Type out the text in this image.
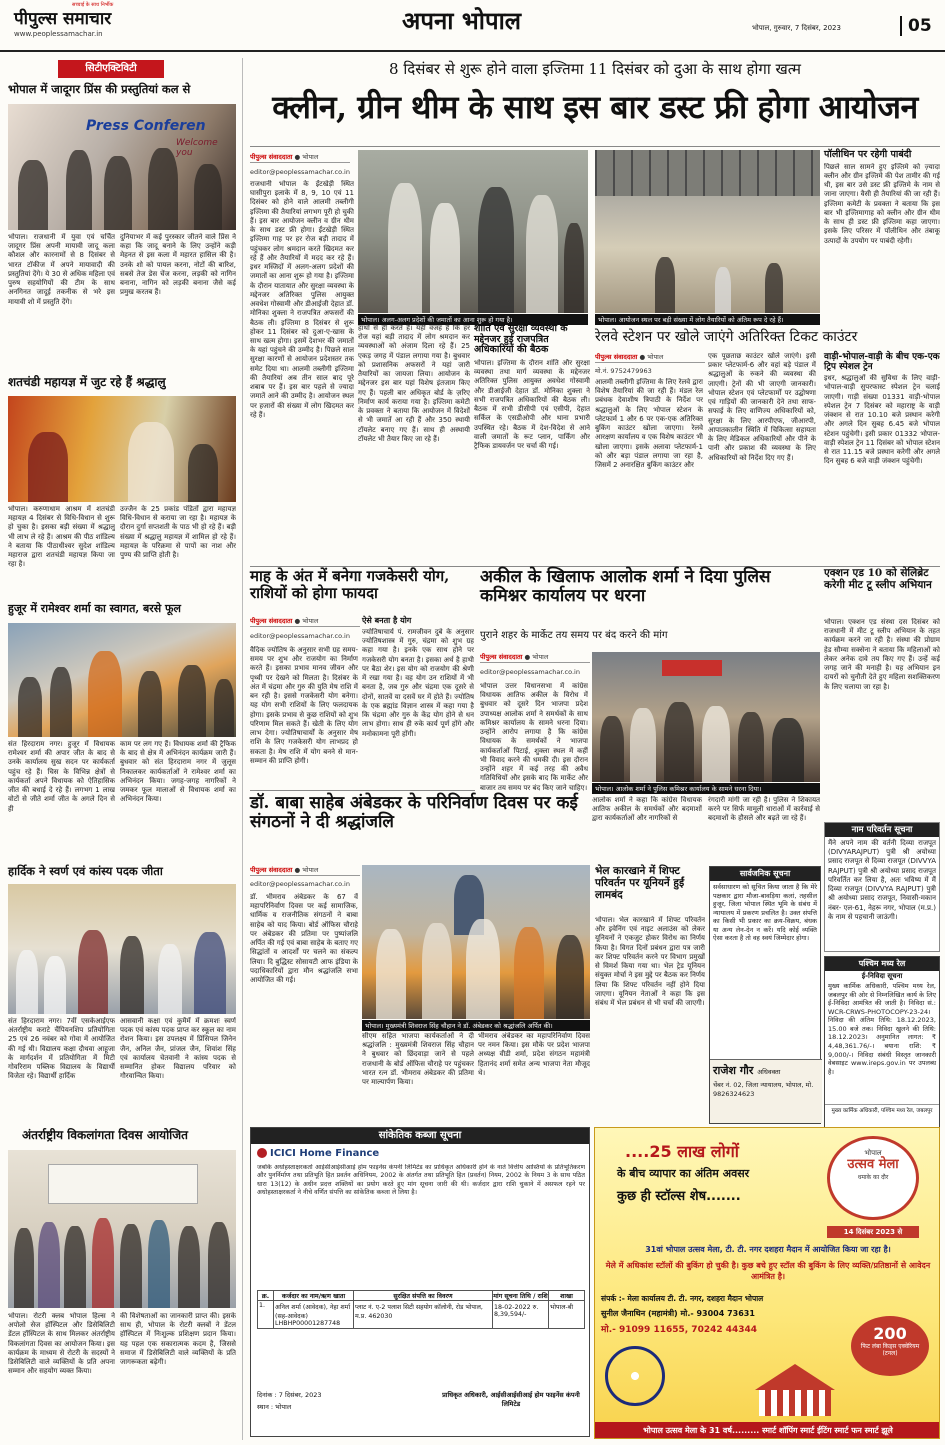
पीपुल्स समाचार
सच्चाई के साथ निर्भीक
www.peoplessamachar.in	अपना भोपाल	भोपाल, गुरुवार, 7 दिसंबर, 2023	05
सिटीएक्टिविटी
भोपाल में जादूगर प्रिंस की प्रस्तुतियां कल से
Press Conferen
Welcome you
भोपाल। राजधानी में युवा एवं चर्चित जादूगर प्रिंस अपनी मायावी जादू कला कौशल और कारनामों से 8 दिसंबर से भारत टॉकीज में अपने मायावादी की प्रस्तुतियां देंगे। ये 30 से अधिक महिला एवं पुरुष सहयोगियों की टीम के साथ अनगिनत जादूई तकनीक से भरे इस मायावी शो में प्रस्तुति देंगे।
दुनियाभर में कई पुरस्कार जीतने वाले प्रिंस ने कहा कि जादू बनाने के लिए उन्होंने कड़ी मेहनत से इस कला में महारत हासिल की है। उनके शो को पायल करना, नोटों की बारिश, सबसे तेज डेस चेंज करना, लड़की को नागिन बनाना, नागिन को लड़की बनाना जैसे कई प्रमुख करतब हैं।
शतचंडी महायज्ञ में जुट रहे हैं श्रद्धालु
भोपाल। करुणाधाम आश्रम में शतचंडी महायज्ञ 4 दिसंबर से विधि-विधान से शुरू हो चुका है। इसका बड़ी संख्या में श्रद्धालु भी लाभ ले रहे हैं। आश्रम की पीठ शांडिल्य ने बताया कि पीठाधीश्वर सुदेश शांडिल्य महाराज द्वारा शतचंडी महायज्ञ किया जा रहा है।
उज्जैन के 25 प्रकांड पंडितों द्वारा महायज्ञ विधि-विधान से कराया जा रहा है। महायज्ञ के दौरान दुर्गा सप्तशती के पाठ भी हो रहे हैं। बड़ी संख्या में श्रद्धालु महायज्ञ में शामिल हो रहे हैं। महायज्ञ के परिक्रमा से पापों का नाश और पुण्य की प्राप्ति होती है।
हुजूर में रामेश्वर शर्मा का स्वागत, बरसे फूल
संत हिरदाराम नगर। हुजूर में विधायक रामेश्वर शर्मा की अपार जीत के बाद से उनके कार्यालय सुख सदन पर कार्यकर्ता पहुंच रहे हैं। चिस के विभिन्न क्षेत्रों से कार्यकर्ता अपने विधायक को ऐतिहासिक जीत की बधाई दे रहे हैं। लगभग 1 लाख वोटों से जीते शर्मा जीत के अगले दिन से ही
काम पर लग गए हैं। विधायक शर्मा की ट्रैफिक के बाद से क्षेत्र में अभिनंदन कार्यक्रम जारी हैं। बुधवार को संत हिरदाराम नगर में जुलूस निकालकर कार्यकर्ताओं ने रामेश्वर शर्मा का अभिनंदन किया। जगह-जगह नागरिकों ने जमकर फूल मालाओं से विधायक शर्मा का अभिनंदन किया।
हार्दिक ने स्वर्ण एवं कांस्य पदक जीता
संत हिरदाराम नगर। 7वीं एसकेआईएफ अंतर्राष्ट्रीय कराटे चैंपियनशिप प्रतियोगिता 25 एवं 26 नवंबर को गोवा में आयोजित की गई थी। विद्यालय कक्षा दौथवा आहूजा के मार्गदर्शन में प्रतियोगिता में मिटी गोवरिराम पब्लिक विद्यालय के विद्यार्थी विजेता रहे। विद्यार्थी हार्दिक
आसवानी कक्षा एवं कुमैमें में क्रमशः स्वर्ण पदक एवं कांस्य पदक प्राप्त कर स्कूल का नाम रोशन किया। इस उपलक्ष्य में प्रिंसिपल जिनेन जैन, अनिल जैन, प्रांजल जैन, शिवांश सिंह एवं कार्यालय चेतवानी ने कांस्य पदक से सम्मानित होकर विद्यालय परिवार को गौरवान्वित किया।
अंतर्राष्ट्रीय विकलांगता दिवस आयोजित
भोपाल। रोटरी क्लब भोपाल हिल्स ने अपोलो सेज हॉस्पिटल और डिसेबिलिटी डेंटल हॉस्पिटल के साथ मिलकर अंतर्राष्ट्रीय विकलांगता दिवस का आयोजन किया। इस कार्यक्रम के माध्यम से रोटरी के सदस्यों ने डिसेबिलिटी वाले व्यक्तियों के प्रति अपना सम्मान और सहयोग व्यक्त किया।
की विशेषताओं का जानकारी प्राप्त की। इसके साथ ही, भोपाल के रोटरी क्लबों ने डेंटल हॉस्पिटल में निःशुल्क प्रशिक्षण प्रदान किया। यह पहल एक सकारात्मक कदम है, जिससे समाज में डिसेबिलिटी वाले व्यक्तियों के प्रति जागरूकता बढ़ेगी।
8 दिसंबर से शुरू होने वाला इज्तिमा 11 दिसंबर को दुआ के साथ होगा खत्म
क्लीन, ग्रीन थीम के साथ इस बार डस्ट फ्री होगा आयोजन
पीपुल्स संवाददाता ● भोपाल
editor@peoplessamachar.co.in
राजधानी भोपाल के ईंटखेड़ी स्थित घासीपुरा इलाके में 8, 9, 10 एवं 11 दिसंबर को होने वाले आलमी तब्लीगी इज्तिमा की तैयारियां लगभग पूरी हो चुकी हैं। इस बार आयोजन क्लीन व ग्रीन थीम के साथ डस्ट फ्री होगा। ईंटखेड़ी स्थित इज्तिमा गाह पर हर रोज बड़ी तादाद में पहुंचकर लोग श्रमदान करते खिदमत कर रहे हैं और तैयारियों में मदद कर रहे हैं। इधर मस्जिदों में अलग-अलग प्रदेशों की जमातों का आना शुरू हो गया है। इज्तिमा के दौरान यातायात और सुरक्षा व्यवस्था के मद्देनजर अतिरिक्त पुलिस आयुक्त अवधेश गोस्वामी और डीआईजी देहात डॉ. मोनिका शुक्ला ने राजपत्रित अफसरों की बैठक ली। इज्तिमा 8 दिसंबर से शुरू होकर 11 दिसंबर को दुआ-ए-खास के साथ खत्म होगा। इसमें देशभर की जमातों के यहां पहुंचने की उम्मीद है। पिछले साल सुरक्षा कारणों से आयोजन प्रदेशस्तर तक समेट दिया था। आलमी तब्लीगी इज्तिमा की तैयारियां अब तीन साल बाद पूरे शबाब पर हैं। इस बार पहले से ज्यादा जमातें आने की उम्मीद है। आयोजन स्थल पर हजारों की संख्या में लोग खिदमत कर रहे हैं।
भोपाल। अलग-अलग प्रदेशों की जमातों का आना शुरू हो गया है।
हाथों से ही करते हैं। यही वजह है कि हर रोज यहां बड़ी तादाद में लोग श्रमदान कर व्यवस्थाओं को अंजाम दिला रहे हैं। 25 एकड़ जगह में पंडाल लगाया गया है। बुधवार को प्रशासनिक अफसरों ने यहां जारी तैयारियों का जायजा लिया। आयोजन के मद्देनजर इस बार यहां विशेष इंतजाम किए गए हैं। पहली बार अधिकृत बोर्ड के ज़रिए निर्माण कार्य कराया गया है। इज्तिमा कमेटी के प्रवक्ता ने बताया कि आयोजन में विदेशों से भी जमातें आ रही हैं और 350 स्थायी टॉयलेट बनाए गए हैं। साथ ही अस्थायी टॉयलेट भी तैयार किए जा रहे हैं।
शांति एवं सुरक्षा व्यवस्था के मद्देनजर हुई राजपत्रित अधिकारियों की बैठक
भोपाल। इज्तिमा के दौरान शांति और सुरक्षा व्यवस्था तथा मार्ग व्यवस्था के मद्देनजर अतिरिक्त पुलिस आयुक्त अवधेश गोस्वामी और डीआईजी देहात डॉ. मोनिका शुक्ला ने सभी राजपत्रित अधिकारियों की बैठक ली। बैठक में सभी डीसीपी एवं एसीपी, देहात सर्किल के एसडीओपी और थाना प्रभारी उपस्थित रहे। बैठक में देश-विदेश से आने वाली जमातों के रूट प्लान, पार्किंग और ट्रैफिक डायवर्जन पर चर्चा की गई।
भोपाल। आयोजन स्थल पर बड़ी संख्या में लोग तैयारियों को अंतिम रूप दे रहे हैं।
पॉलीथिन पर रहेगी पाबंदी
पिछले साल सामने हुए इज्तिमे को ज़्यादा क्लीन और ग्रीन इज्तिमे की पेश तामीर की गई थी, इस बार उसे डस्ट फ्री इज्तिमे के नाम से जाना जाएगा। वैसी ही तैयारियां की जा रही हैं। इज्तिमा कमेटी के प्रवक्ता ने बताया कि इस बार भी इज्तिमागाह को क्लीन और ग्रीन थीम के साथ ही डस्ट फ्री इज्तिमा कहा जाएगा। इसके लिए परिसर में पॉलीथिन और तंबाकू उत्पादों के उपयोग पर पाबंदी रहेगी।
रेलवे स्टेशन पर खोले जाएंगे अतिरिक्त टिकट काउंटर
पीपुल्स संवाददाता ● भोपाल
मो.नं. 9752479963
आलमी तब्लीगी इज्तिमा के लिए रेलवे द्वारा विशेष तैयारियां की जा रही हैं। मंडल रेल प्रबंधक देवाशीष त्रिपाठी के निर्देश पर श्रद्धालुओं के लिए भोपाल स्टेशन के प्लेटफार्म 1 और 6 पर एक-एक अतिरिक्त बुकिंग काउंटर खोला जाएगा। रेलवे आरक्षण कार्यालय व एक विशेष काउंटर भी खोला जाएगा। इसके अलावा प्लेटफार्म-1 को और बड़ा पंडाल लगाया जा रहा है, जिसमें 2 अनारक्षित बुकिंग काउंटर और
एक पूछताछ काउंटर खोले जाएंगे। इसी प्रकार प्लेटफार्म-6 और वहां बड़े पंडाल में श्रद्धालुओं के रुकने की व्यवस्था की जाएगी। ट्रेनों की भी जाएगी जानकारी। भोपाल स्टेशन एवं प्लेटफार्मों पर उद्घोषणा एवं गाड़ियों की जानकारी देने तथा साफ-सफाई के लिए वाणिज्य अधिकारियों को, सुरक्षा के लिए आरपीएफ, जीआरपी, आपातकालीन स्थिति में चिकित्सा सहायता के लिए मेडिकल अधिकारियों और पीने के पानी और प्रकाश की व्यवस्था के लिए अधिकारियों को निर्देश दिए गए हैं।
वाड़ी-भोपाल-वाड़ी के बीच एक-एक ट्रिप स्पेशल ट्रेन
इधर, श्रद्धालुओं की सुविधा के लिए वाड़ी-भोपाल-वाड़ी सुपरफास्ट स्पेशल ट्रेन चलाई जाएगी। गाड़ी संख्या 01331 वाड़ी-भोपाल स्पेशल ट्रेन 7 दिसंबर को महाराष्ट्र के वाड़ी जंक्शन से रात 10.10 बजे प्रस्थान करेगी और अगले दिन सुबह 6.45 बजे भोपाल स्टेशन पहुंचेगी। इसी प्रकार 01332 भोपाल-वाड़ी स्पेशल ट्रेन 11 दिसंबर को भोपाल स्टेशन से रात 11.15 बजे प्रस्थान करेगी और अगले दिन सुबह 6 बजे वाड़ी जंक्शन पहुंचेगी।
माह के अंत में बनेगा गजकेसरी योग, राशियों को होगा फायदा
पीपुल्स संवाददाता ● भोपाल
editor@peoplessamachar.co.in
वैदिक ज्योतिष के अनुसार सभी ग्रह समय-समय पर शुभ और राजयोग का निर्माण करते हैं। इसका प्रभाव मानव जीवन और पृथ्वी पर देखने को मिलता है। दिसंबर के अंत में चंद्रमा और गुरु की युति मेष राशि में बन रही है। इससे गजकेसरी योग बनेगा। यह योग सभी राशियों के लिए फलदायक होगा। इसके प्रभाव से कुछ राशियों को शुभ परिणाम मिल सकते हैं। खेती के लिए योग लाभ देगा। ज्योतिषाचार्यों के अनुसार मेष राशि के लिए गजकेसरी योग लाभप्रद हो सकता है। मेष राशि में योग बनने से मान-सम्मान की प्राप्ति होगी।
ऐसे बनता है योग
ज्योतिषाचार्य पं. रामजीवन दुबे के अनुसार ज्योतिषशास्त्र में गुरु, चंद्रमा को शुभ ग्रह कहा गया है। इनके एक साथ होने पर गजकेसरी योग बनता है। इसका अर्थ है हाथी पर बैठा शेर। इस योग को राजयोग की श्रेणी में रखा गया है। वह योग उन राशियों में भी बनता है, जब गुरु और चंद्रमा एक दूसरे से दोनों, सातवें या दसवें घर में होते हैं। ज्योतिष के एक ब्रह्मांड विज्ञान शास्त्र में कहा गया है कि चंद्रमा और गुरु के केंद्र योग होने से धन लाभ होगा। साथ ही रुके कार्य पूर्ण होंगे और मनोकामना पूरी होंगी।
अकील के खिलाफ आलोक शर्मा ने दिया पुलिस कमिश्नर कार्यालय पर धरना
पुराने शहर के मार्केट तय समय पर बंद करने की मांग
पीपुल्स संवाददाता ● भोपाल
editor@peoplessamachar.co.in
भोपाल उत्तर विधानसभा में कांग्रेस विधायक आतिफ अकील के विरोध में बुधवार को दूसरे दिन भाजपा प्रदेश उपाध्यक्ष आलोक शर्मा ने समर्थकों के साथ कमिश्नर कार्यालय के सामने धरना दिया। उन्होंने आरोप लगाया है कि कांग्रेस विधायक के समर्थकों ने भाजपा कार्यकर्ताओं पिटाई, शुक्ला स्थल में कहीं भी विवाद करने की धमकी दी। इस दौरान उन्होंने शहर में कई तरह की अवैध गतिविधियों और इसके बाद कि मार्केट और बाजार तय समय पर बंद किए जाने चाहिए।	भोपाल। आलोक शर्मा ने पुलिस कमिश्नर कार्यालय के सामने धरना दिया।
आलोक शर्मा ने कहा कि कांग्रेस विधायक आतिफ अकील के समर्थकों और बदमाशों द्वारा कार्यकर्ताओं और नागरिकों से
रंगदारी मांगी जा रही है। पुलिस ने शिकायत करने पर सिर्फ मामूली धाराओं में कार्रवाई से बदमाशों के हौसले और बढ़ते जा रहे हैं।
एक्शन एड 10 को सेलिब्रेट करेगी मीट टू स्लीप अभियान
भोपाल। एक्शन एड संस्था दस दिसंबर को राजधानी में मीट टू स्लीप अभियान के तहत कार्यक्रम करने जा रही है। संस्था की प्रोग्राम हेड सौम्या सक्सेना ने बताया कि महिलाओं को लेकर अनेक दावे तय किए गए हैं। उन्हें कई जगह जाने की मनाही है। यह अभियान इन दायरों को चुनौती देते हुए महिला सशक्तिकरण के लिए चलाया जा रहा है।
नाम परिवर्तन सूचना
मैंने अपने नाम की वर्तनी दिव्या राजपूत (DIVYARAJPUT) पुत्री श्री अयोध्या प्रसाद राजपूत से दिव्या राजपूत (DIVVYA RAJPUT) पुत्री श्री अयोध्या प्रसाद राजपूत परिवर्तित कर लिया है, अतः भविष्य में मैं दिव्या राजपूत (DIVVYA RAJPUT) पुत्री श्री अयोध्या प्रसाद राजपूत, निवासी-मकान नंबर- एल-61, नेहरू नगर, भोपाल (म.प्र.) के नाम से पहचानी जाऊंगी।
पश्चिम मध्य रेल
ई-निविदा सूचना
मुख्य कार्मिक अधिकारी, पश्चिम मध्य रेल, जबलपुर की ओर से निम्नलिखित कार्य के लिए ई-निविदा आमंत्रित की जाती है। निविदा सं.: WCR-CRWS-PHOTOCOPY-23-24। निविदा की अंतिम तिथि: 18.12.2023, 15.00 बजे तक। निविदा खुलने की तिथि: 18.12.2023। अनुमानित लागत: ₹ 4,48,361.76/-। बयाना राशि: ₹ 9,000/-। निविदा संबंधी विस्तृत जानकारी वेबसाइट www.ireps.gov.in पर उपलब्ध है।
मुख्य कार्मिक अधिकारी, पश्चिम मध्य रेल, जबलपुर
डॉ. बाबा साहेब अंबेडकर के परिनिर्वाण दिवस पर कई संगठनों ने दी श्रद्धांजलि
पीपुल्स संवाददाता ● भोपाल
editor@peoplessamachar.co.in
डॉ. भीमराव अंबेडकर के 67 वें महापरिनिर्वाण दिवस पर कई सामाजिक, धार्मिक व राजनीतिक संगठनों ने बाबा साहेब को याद किया। बोर्ड ऑफिस चौराहे पर अंबेडकर की प्रतिमा पर पुष्पांजलि अर्पित की गई एवं बाबा साहेब के बताए गए सिद्धांतों व आदर्शों पर चलने का संकल्प लिया। दि बुद्धिस्ट सोसायटी आफ इंडिया के पदाधिकारियों द्वारा मौन श्रद्धांजलि सभा आयोजित की गई।
भोपाल। मुख्यमंत्री शिवराज सिंह चौहान ने डॉ. अंबेडकर को श्रद्धांजलि अर्पित की।
सीएम सहित भाजपा कार्यकर्ताओं ने दी श्रद्धांजलि : मुख्यमंत्री शिवराज सिंह चौहान ने बुधवार को छिंदवाड़ा जाने से पहले राजधानी के बोर्ड ऑफिस चौराहे पर पहुंचकर भारत रत्न डॉ. भीमराव अंबेडकर की प्रतिमा पर माल्यार्पण किया।
भीमराव अंबेडकर का महापरिनिर्वाण दिवस पर नमन किया। इस मौके पर प्रदेश भाजपा अध्यक्ष वीडी शर्मा, प्रदेश संगठन महामंत्री हितानंद शर्मा समेत अन्य भाजपा नेता मौजूद थे।
भेल कारखाने में शिफ्ट परिवर्तन पर यूनियनें हुईं लामबंद
भोपाल। भेल कारखाने में शिफ्ट परिवर्तन और इवेनिंग एवं नाइट अलाउंस को लेकर यूनियनों ने एकजुट होकर विरोध का निर्णय किया है। विगत दिनों प्रबंधन द्वारा पत्र जारी कर शिफ्ट परिवर्तन करने पर विभाग प्रमुखों से विमर्श किया गया था। भेल ट्रेड यूनियन संयुक्त मोर्चा ने इस मुद्दे पर बैठक कर निर्णय लिया कि शिफ्ट परिवर्तन नहीं होने दिया जाएगा। यूनियन नेताओं ने कहा कि इस संबंध में भेल प्रबंधन से भी चर्चा की जाएगी।
सार्वजनिक सूचना
सर्वसाधारण को सूचित किया जाता है कि मेरे पक्षकार द्वारा मौजा-बावड़िया कलां, तहसील हुजूर, जिला भोपाल स्थित भूमि के संबंध में न्यायालय में प्रकरण प्रचलित है। उक्त संपत्ति का किसी भी प्रकार का क्रय-विक्रय, बंधक या अन्य लेन-देन न करें। यदि कोई व्यक्ति ऐसा करता है तो वह स्वयं जिम्मेदार होगा।
राजेश गौर अधिवक्ता
चेंबर नं. 02, जिला न्यायालय, भोपाल, मो. 9826324623
सांकेतिक कब्जा सूचना
ICICI Home Finance
जबकि अधोहस्ताक्षरकर्ता आईसीआईसीआई होम फाइनेंस कंपनी लिमिटेड का प्राधिकृत अधिकारी होने के नाते वित्तीय आस्तियों के प्रतिभूतिकरण और पुनर्निर्माण तथा प्रतिभूति हित प्रवर्तन अधिनियम, 2002 के अंतर्गत तथा प्रतिभूति हित (प्रवर्तन) नियम, 2002 के नियम 3 के साथ पठित धारा 13(12) के अधीन प्रदत्त शक्तियों का प्रयोग करते हुए मांग सूचना जारी की थी। कर्जदार द्वारा राशि चुकाने में असफल रहने पर अधोहस्ताक्षरकर्ता ने नीचे वर्णित संपत्ति का सांकेतिक कब्जा ले लिया है।
क्र.	कर्जदार का नाम/ऋण खाता	सुरक्षित संपत्ति का विवरण	मांग सूचना तिथि / राशि	शाखा
1.	अनिल शर्मा (आवेदक), नेहा शर्मा (सह-आवेदक) LHBHP00001287748	प्लाट नं. ए-2 पलाश सिटी सहयोग कॉलोनी, रोड भोपाल, म.प्र. 462030	18-02-2022 रु. 8,39,594/-	भोपाल-बी
दिनांक : 7 दिसंबर, 2023
स्थान : भोपाल
प्राधिकृत अधिकारी, आईसीआईसीआई होम फाइनेंस कंपनी लिमिटेड
भोपाल
उत्सव मेला
धमाके का दौर
14 दिसंबर 2023 से
....25 लाख लोगों
के बीच व्यापार का अंतिम अवसर
कुछ ही स्टॉल्स शेष.......
31वां भोपाल उत्सव मेला, टी. टी. नगर दशहरा मैदान में आयोजित किया जा रहा है।
मेले में अधिकांश स्टॉलों की बुकिंग हो चुकी है। कुछ बचे हुए स्टॉल की बुकिंग के लिए व्यक्ति/प्रतिष्ठानों से आवेदन आमंत्रित है।
संपर्क :- मेला कार्यालय टी. टी. नगर, दशहरा मैदान भोपाल
सुनील जैनाथिन (महामंत्री) मो.- 93004 73631
मो.- 91099 11655, 70242 44344	200
फिट लंबा किड्स एक्वेरियम (टनल)
भोपाल उत्सव मेला के 31 वर्ष......... स्मार्ट शॉपिंग स्मार्ट ईटिंग स्मार्ट फन स्मार्ट झूले
